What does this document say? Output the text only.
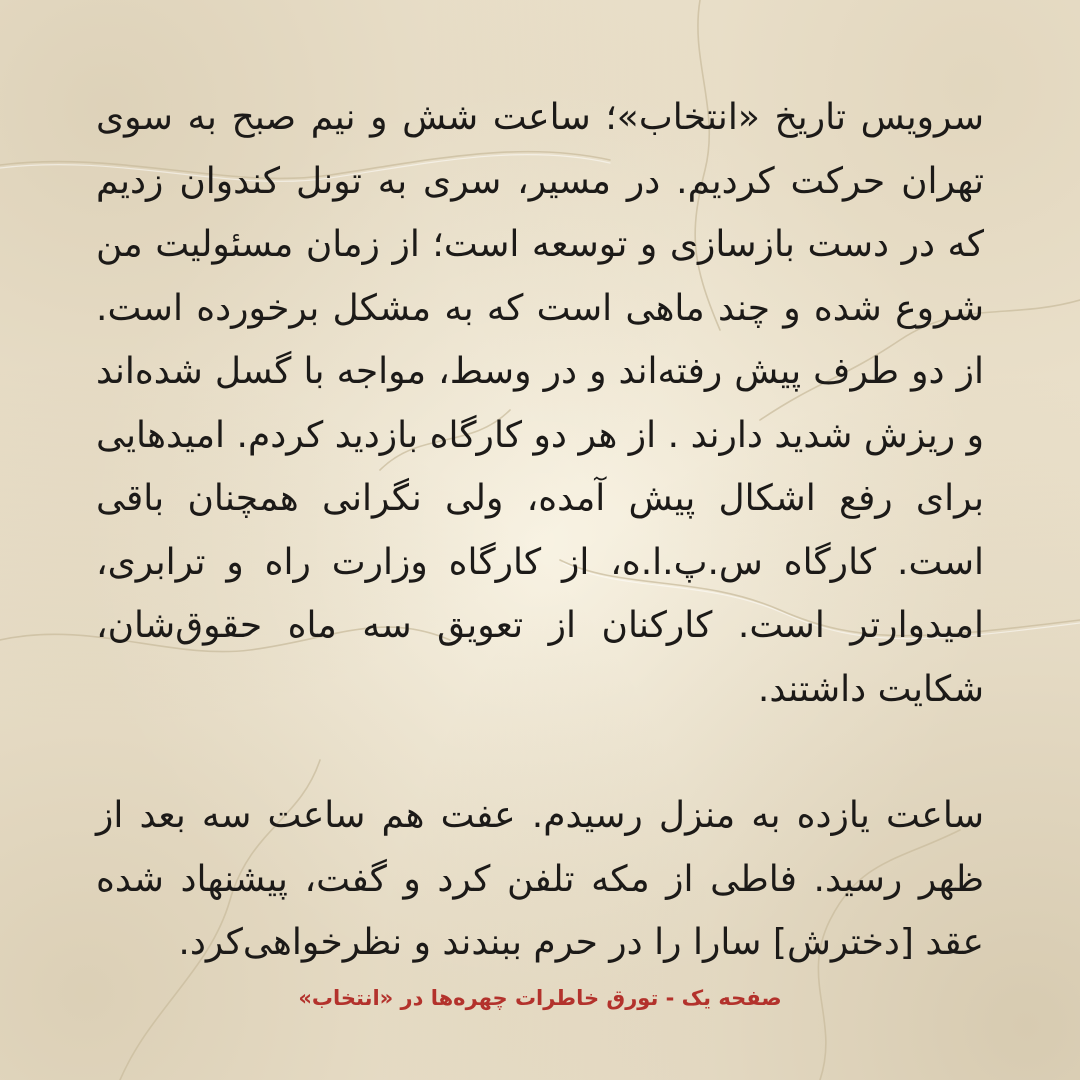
سرویس تاریخ «انتخاب»؛ ساعت شش و نیم صبح به سوی تهران حرکت کردیم. در مسیر، سری به تونل کندوان زدیم که در دست بازسازی و توسعه است؛ از زمان مسئولیت من شروع شده و چند ماهی است که به مشکل برخورده است. از دو طرف پیش رفته‌اند و در وسط، مواجه با گسل شده‌اند و ریزش شدید دارند . از هر دو کارگاه بازدید کردم. امیدهایی برای رفع اشکال پیش آمده، ولی نگرانی همچنان باقی است. کارگاه س.پ.ا.ه، از کارگاه وزارت راه و ترابری، امیدوارتر است. کارکنان از تعویق سه ماه حقوق‌شان، شکایت داشتند.

ساعت یازده به منزل رسیدم. عفت هم ساعت سه بعد از ظهر رسید. فاطی از مکه تلفن کرد و گفت، پیشنهاد شده عقد [دخترش] سارا را در حرم ببندند و نظرخواهی‌کرد.

صفحه یک - تورق خاطرات چهره‌ها در «انتخاب»
